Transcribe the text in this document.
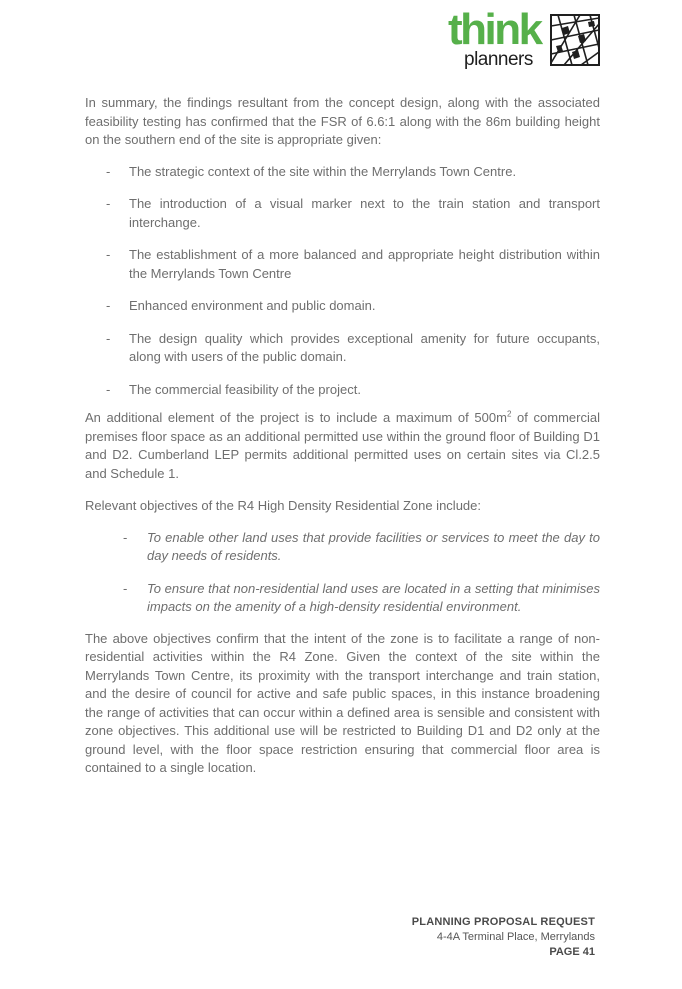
think
planners

In summary, the findings resultant from the concept design, along with the associated feasibility testing has confirmed that the FSR of 6.6:1 along with the 86m building height on the southern end of the site is appropriate given:

- The strategic context of the site within the Merrylands Town Centre.
- The introduction of a visual marker next to the train station and transport interchange.
- The establishment of a more balanced and appropriate height distribution within the Merrylands Town Centre
- Enhanced environment and public domain.
- The design quality which provides exceptional amenity for future occupants, along with users of the public domain.
- The commercial feasibility of the project.

An additional element of the project is to include a maximum of $500m^2$ of commercial premises floor space as an additional permitted use within the ground floor of Building D1 and D2. Cumberland LEP permits additional permitted uses on certain sites via Cl.2.5 and Schedule 1.

Relevant objectives of the R4 High Density Residential Zone include:

- To enable other land uses that provide facilities or services to meet the day to day needs of residents.
- To ensure that non-residential land uses are located in a setting that minimises impacts on the amenity of a high-density residential environment.

The above objectives confirm that the intent of the zone is to facilitate a range of non-residential activities within the R4 Zone. Given the context of the site within the Merrylands Town Centre, its proximity with the transport interchange and train station, and the desire of council for active and safe public spaces, in this instance broadening the range of activities that can occur within a defined area is sensible and consistent with zone objectives. This additional use will be restricted to Building D1 and D2 only at the ground level, with the floor space restriction ensuring that commercial floor area is contained to a single location.

PLANNING PROPOSAL REQUEST
4-4A Terminal Place, Merrylands
PAGE 41
